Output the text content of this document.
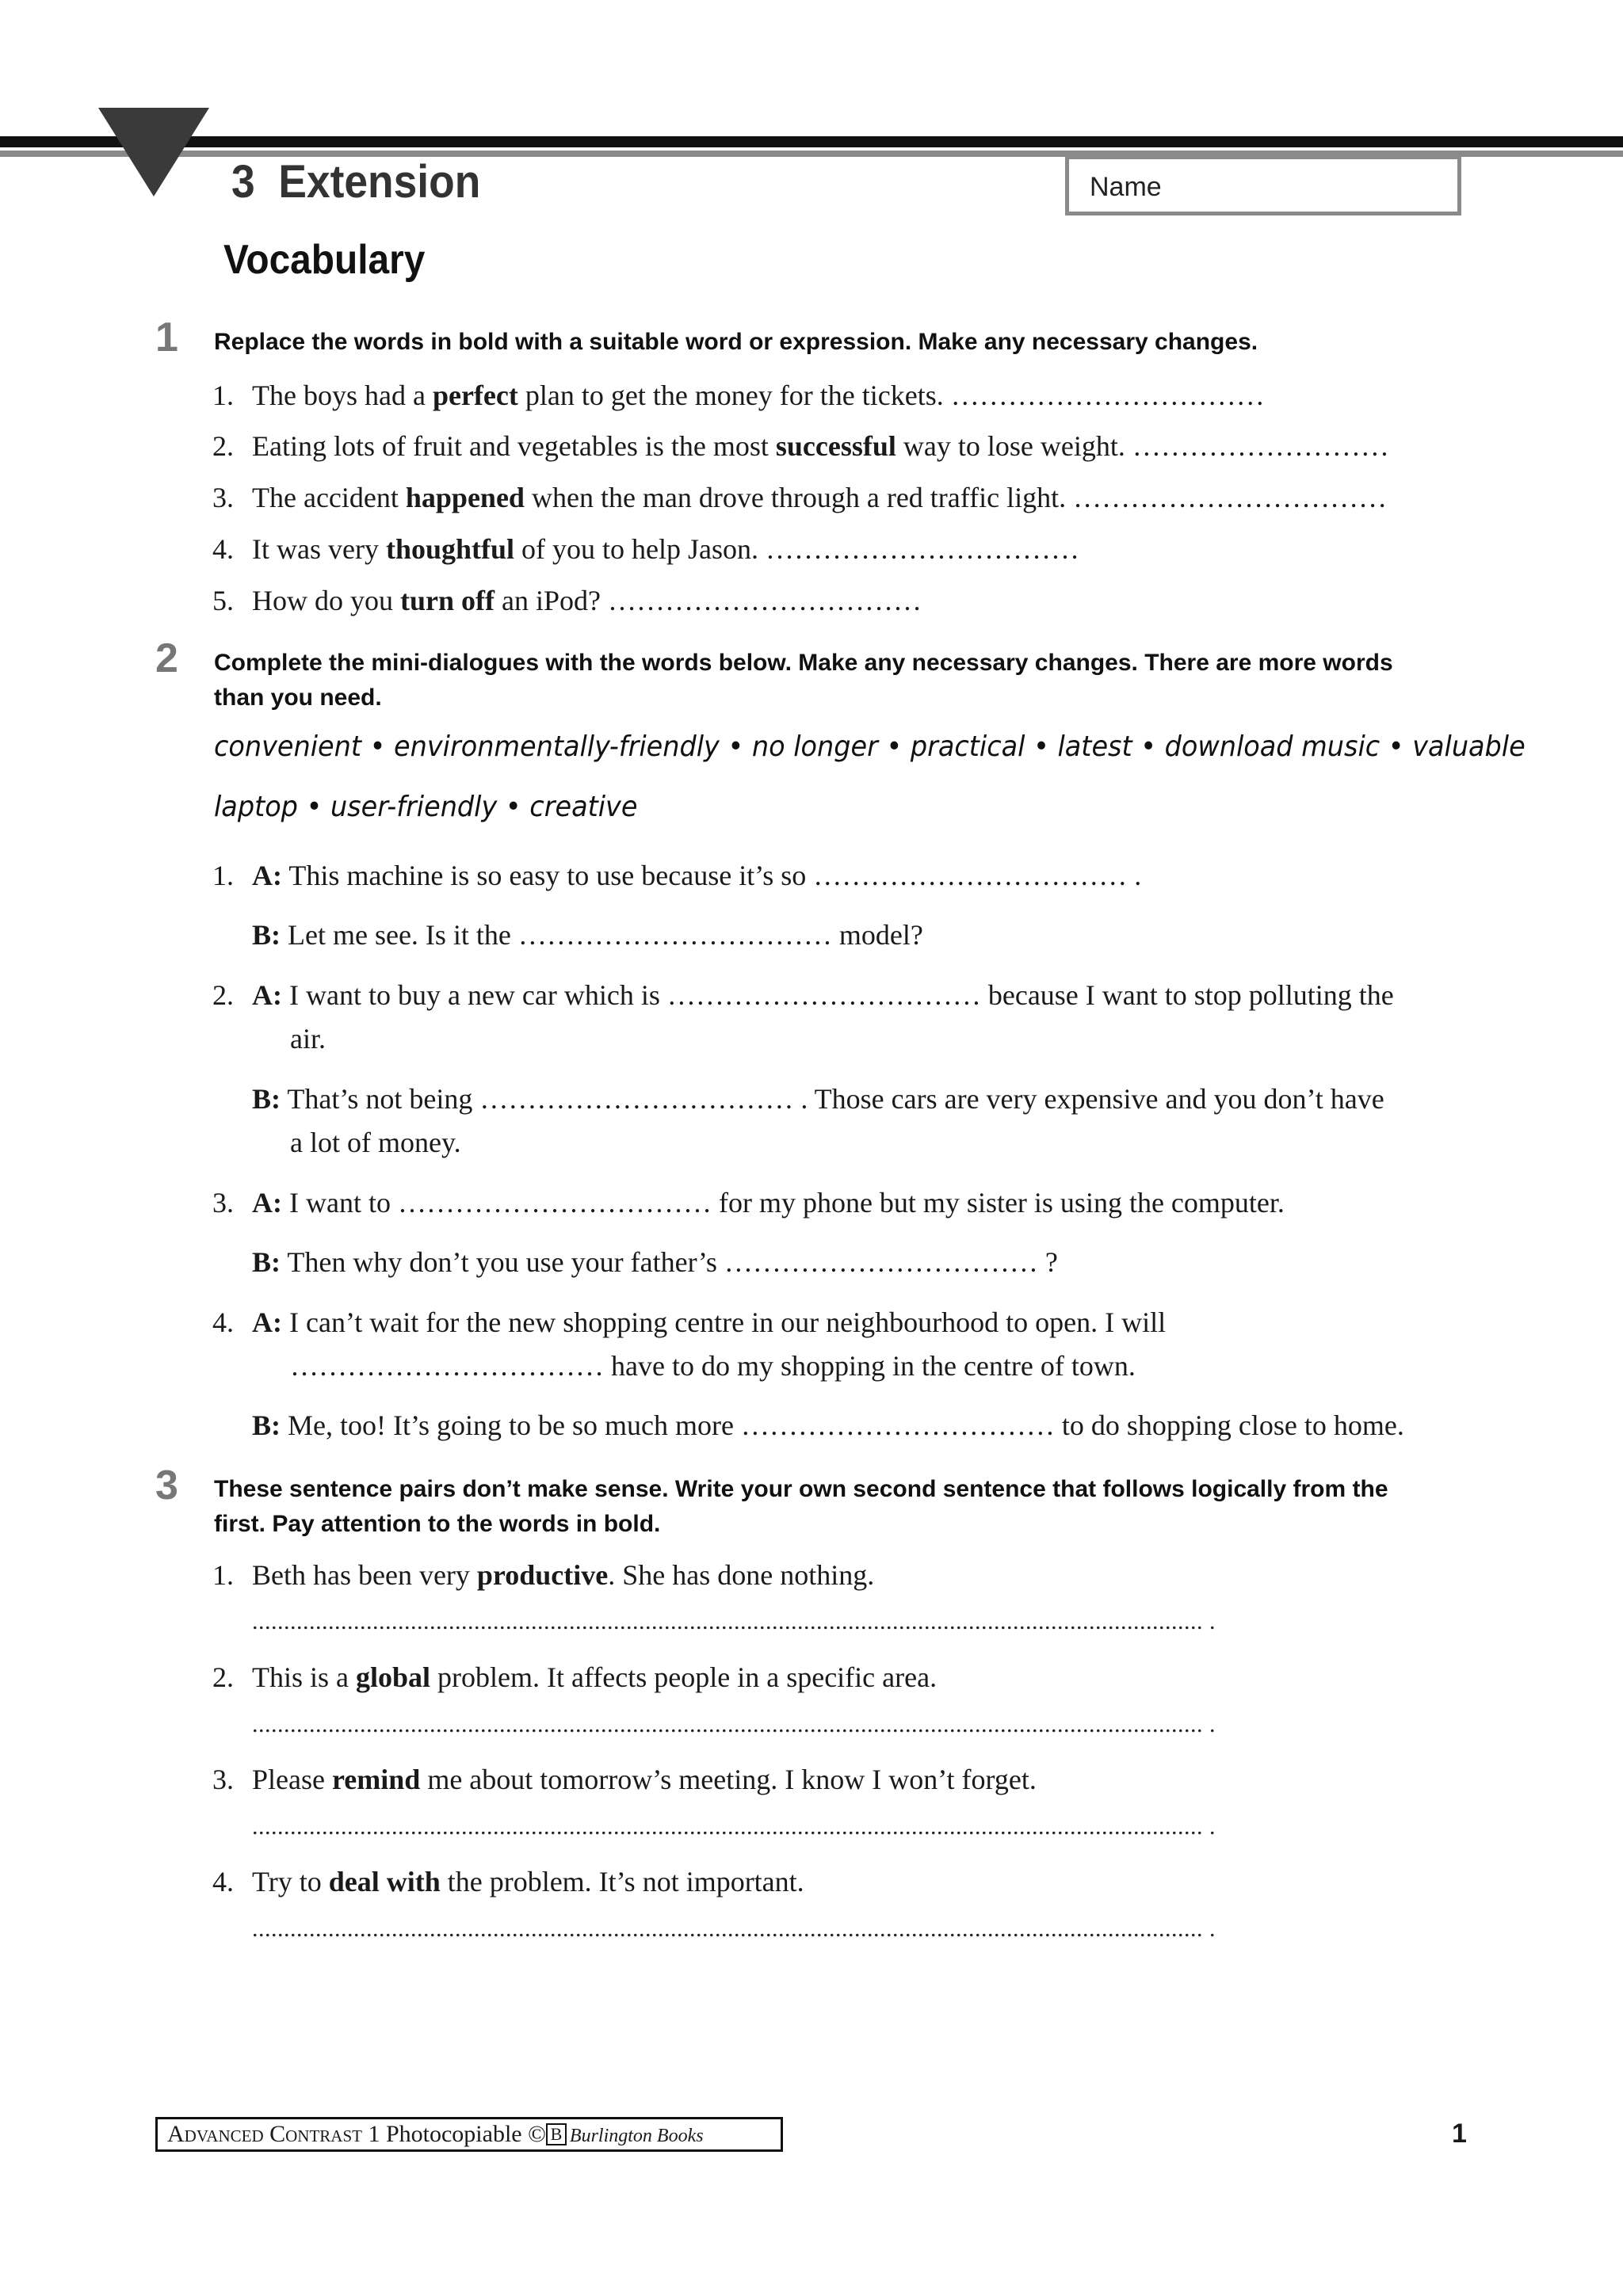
3  Extension	Name
Vocabulary
1 Replace the words in bold with a suitable word or expression. Make any necessary changes.
1. The boys had a perfect plan to get the money for the tickets. ……………………………
2. Eating lots of fruit and vegetables is the most successful way to lose weight. ………………………
3. The accident happened when the man drove through a red traffic light. ……………………………
4. It was very thoughtful of you to help Jason. ……………………………
5. How do you turn off an iPod? ……………………………
2 Complete the mini-dialogues with the words below. Make any necessary changes. There are more words than you need.
convenient • environmentally-friendly • no longer • practical • latest • download music • valuable
laptop • user-friendly • creative
1. A: This machine is so easy to use because it’s so …………………………… .
B: Let me see. Is it the …………………………… model?
2. A: I want to buy a new car which is …………………………… because I want to stop polluting the
air.
B: That’s not being …………………………… . Those cars are very expensive and you don’t have
a lot of money.
3. A: I want to …………………………… for my phone but my sister is using the computer.
B: Then why don’t you use your father’s …………………………… ?
4. A: I can’t wait for the new shopping centre in our neighbourhood to open. I will
…………………………… have to do my shopping in the centre of town.
B: Me, too! It’s going to be so much more …………………………… to do shopping close to home.
3 These sentence pairs don’t make sense. Write your own second sentence that follows logically from the first. Pay attention to the words in bold.
1. Beth has been very productive. She has done nothing.
...................................................................................................................................................... .
2. This is a global problem. It affects people in a specific area.
...................................................................................................................................................... .
3. Please remind me about tomorrow’s meeting. I know I won’t forget.
...................................................................................................................................................... .
4. Try to deal with the problem. It’s not important.
...................................................................................................................................................... .
Advanced Contrast 1 Photocopiable © B Burlington Books	1
